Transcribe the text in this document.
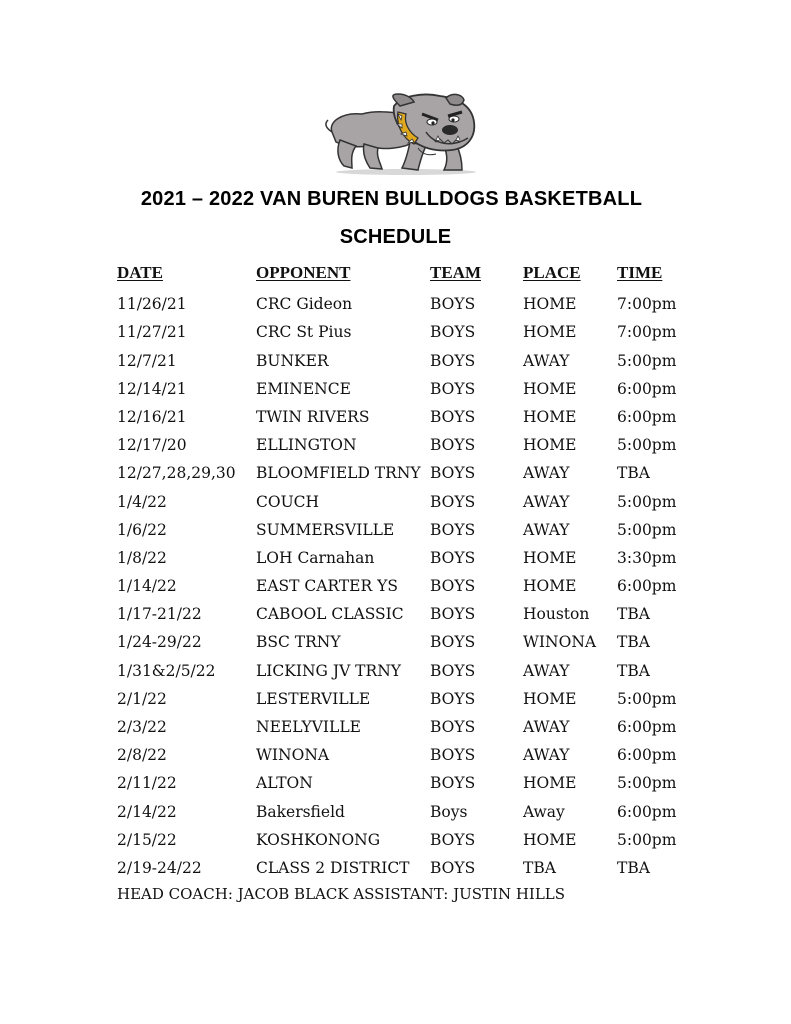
2021 – 2022 VAN BUREN BULLDOGS BASKETBALL
SCHEDULE
DATE	OPPONENT	TEAM PLACE TIME
11/26/21	CRC Gideon	BOYS	HOME	7:00pm
11/27/21	CRC St Pius	BOYS	HOME	7:00pm
12/7/21	BUNKER	BOYS	AWAY	5:00pm
12/14/21	EMINENCE	BOYS	HOME	6:00pm
12/16/21	TWIN RIVERS	BOYS	HOME	6:00pm
12/17/20	ELLINGTON	BOYS	HOME	5:00pm
12/27,28,29,30 BLOOMFIELD TRNY BOYS	AWAY	TBA
1/4/22	COUCH	BOYS	AWAY	5:00pm
1/6/22	SUMMERSVILLE BOYS	AWAY	5:00pm
1/8/22	LOH Carnahan	BOYS	HOME	3:30pm
1/14/22	EAST CARTER YS BOYS	HOME	6:00pm
1/17-21/22	CABOOL CLASSIC BOYS	Houston TBA
1/24-29/22	BSC TRNY	BOYS	WINONA TBA
1/31&2/5/22	LICKING JV TRNY BOYS	AWAY	TBA
2/1/22	LESTERVILLE	BOYS	HOME	5:00pm
2/3/22	NEELYVILLE	BOYS	AWAY	6:00pm
2/8/22	WINONA	BOYS	AWAY	6:00pm
2/11/22	ALTON	BOYS	HOME	5:00pm
2/14/22	Bakersfield	Boys	Away	6:00pm
2/15/22	KOSHKONONG	BOYS	HOME	5:00pm
2/19-24/22	CLASS 2 DISTRICT BOYS	TBA	TBA
HEAD COACH: JACOB BLACK ASSISTANT: JUSTIN HILLS
